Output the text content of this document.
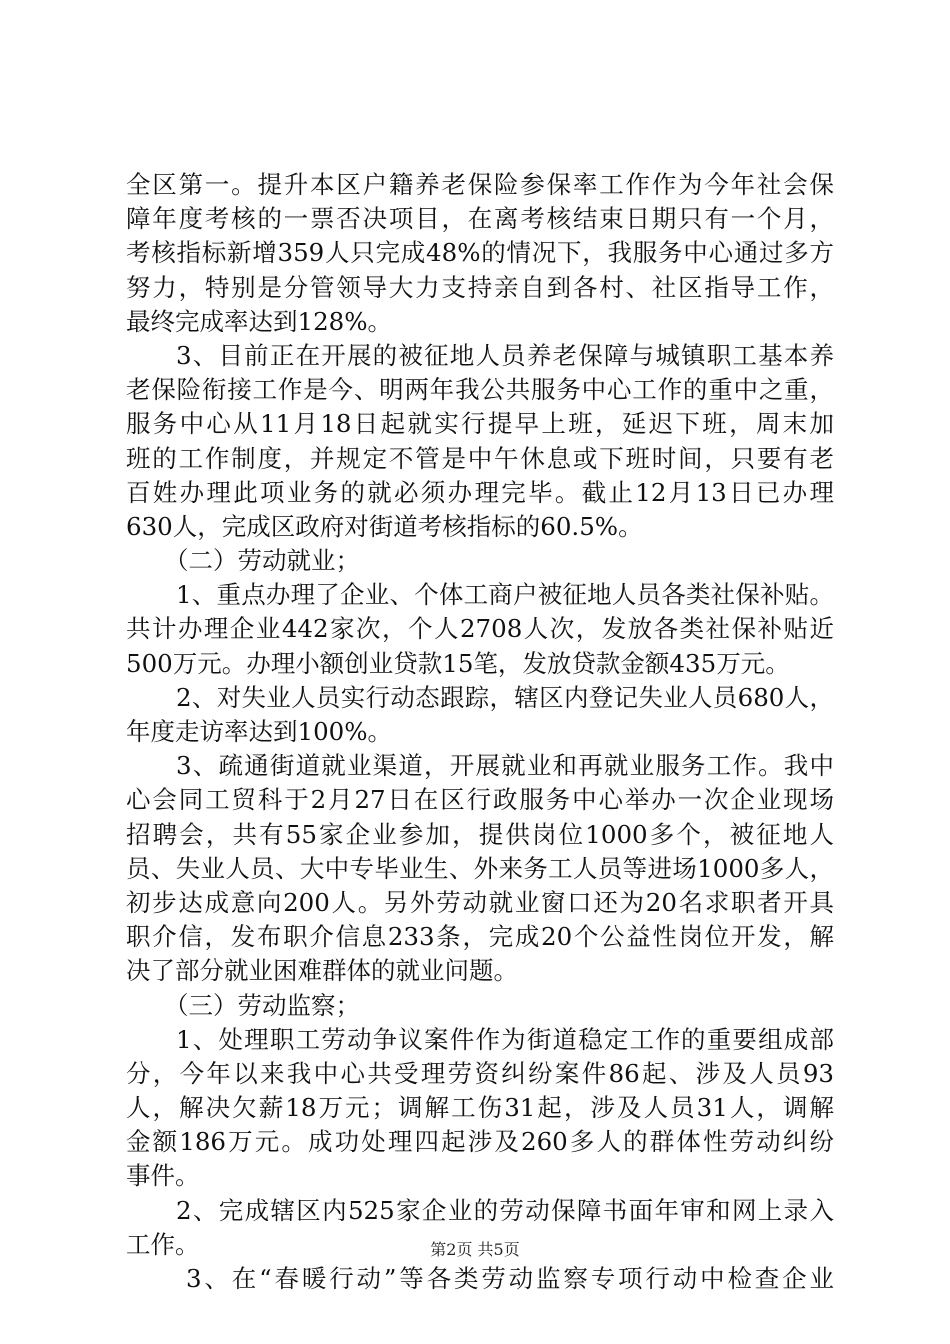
全区第一。提升本区户籍养老保险参保率工作作为今年社会保
障年度考核的一票否决项目，在离考核结束日期只有一个月，
考核指标新增359人只完成48%的情况下，我服务中心通过多方
努力，特别是分管领导大力支持亲自到各村、社区指导工作，
最终完成率达到128%。
3、目前正在开展的被征地人员养老保障与城镇职工基本养
老保险衔接工作是今、明两年我公共服务中心工作的重中之重，
服务中心从11月18日起就实行提早上班，延迟下班，周末加
班的工作制度，并规定不管是中午休息或下班时间，只要有老
百姓办理此项业务的就必须办理完毕。截止12月13日已办理
630人，完成区政府对街道考核指标的60.5%。
（二）劳动就业；
1、重点办理了企业、个体工商户被征地人员各类社保补贴。
共计办理企业442家次，个人2708人次，发放各类社保补贴近
500万元。办理小额创业贷款15笔，发放贷款金额435万元。
2、对失业人员实行动态跟踪，辖区内登记失业人员680人，
年度走访率达到100%。
3、疏通街道就业渠道，开展就业和再就业服务工作。我中
心会同工贸科于2月27日在区行政服务中心举办一次企业现场
招聘会，共有55家企业参加，提供岗位1000多个，被征地人
员、失业人员、大中专毕业生、外来务工人员等进场1000多人，
初步达成意向200人。另外劳动就业窗口还为20名求职者开具
职介信，发布职介信息233条，完成20个公益性岗位开发，解
决了部分就业困难群体的就业问题。
（三）劳动监察；
1、处理职工劳动争议案件作为街道稳定工作的重要组成部
分，今年以来我中心共受理劳资纠纷案件86起、涉及人员93
人，解决欠薪18万元；调解工伤31起，涉及人员31人，调解
金额186万元。成功处理四起涉及260多人的群体性劳动纠纷
事件。
2、完成辖区内525家企业的劳动保障书面年审和网上录入
工作。
3、在“春暖行动”等各类劳动监察专项行动中检查企业
第2页 共5页
